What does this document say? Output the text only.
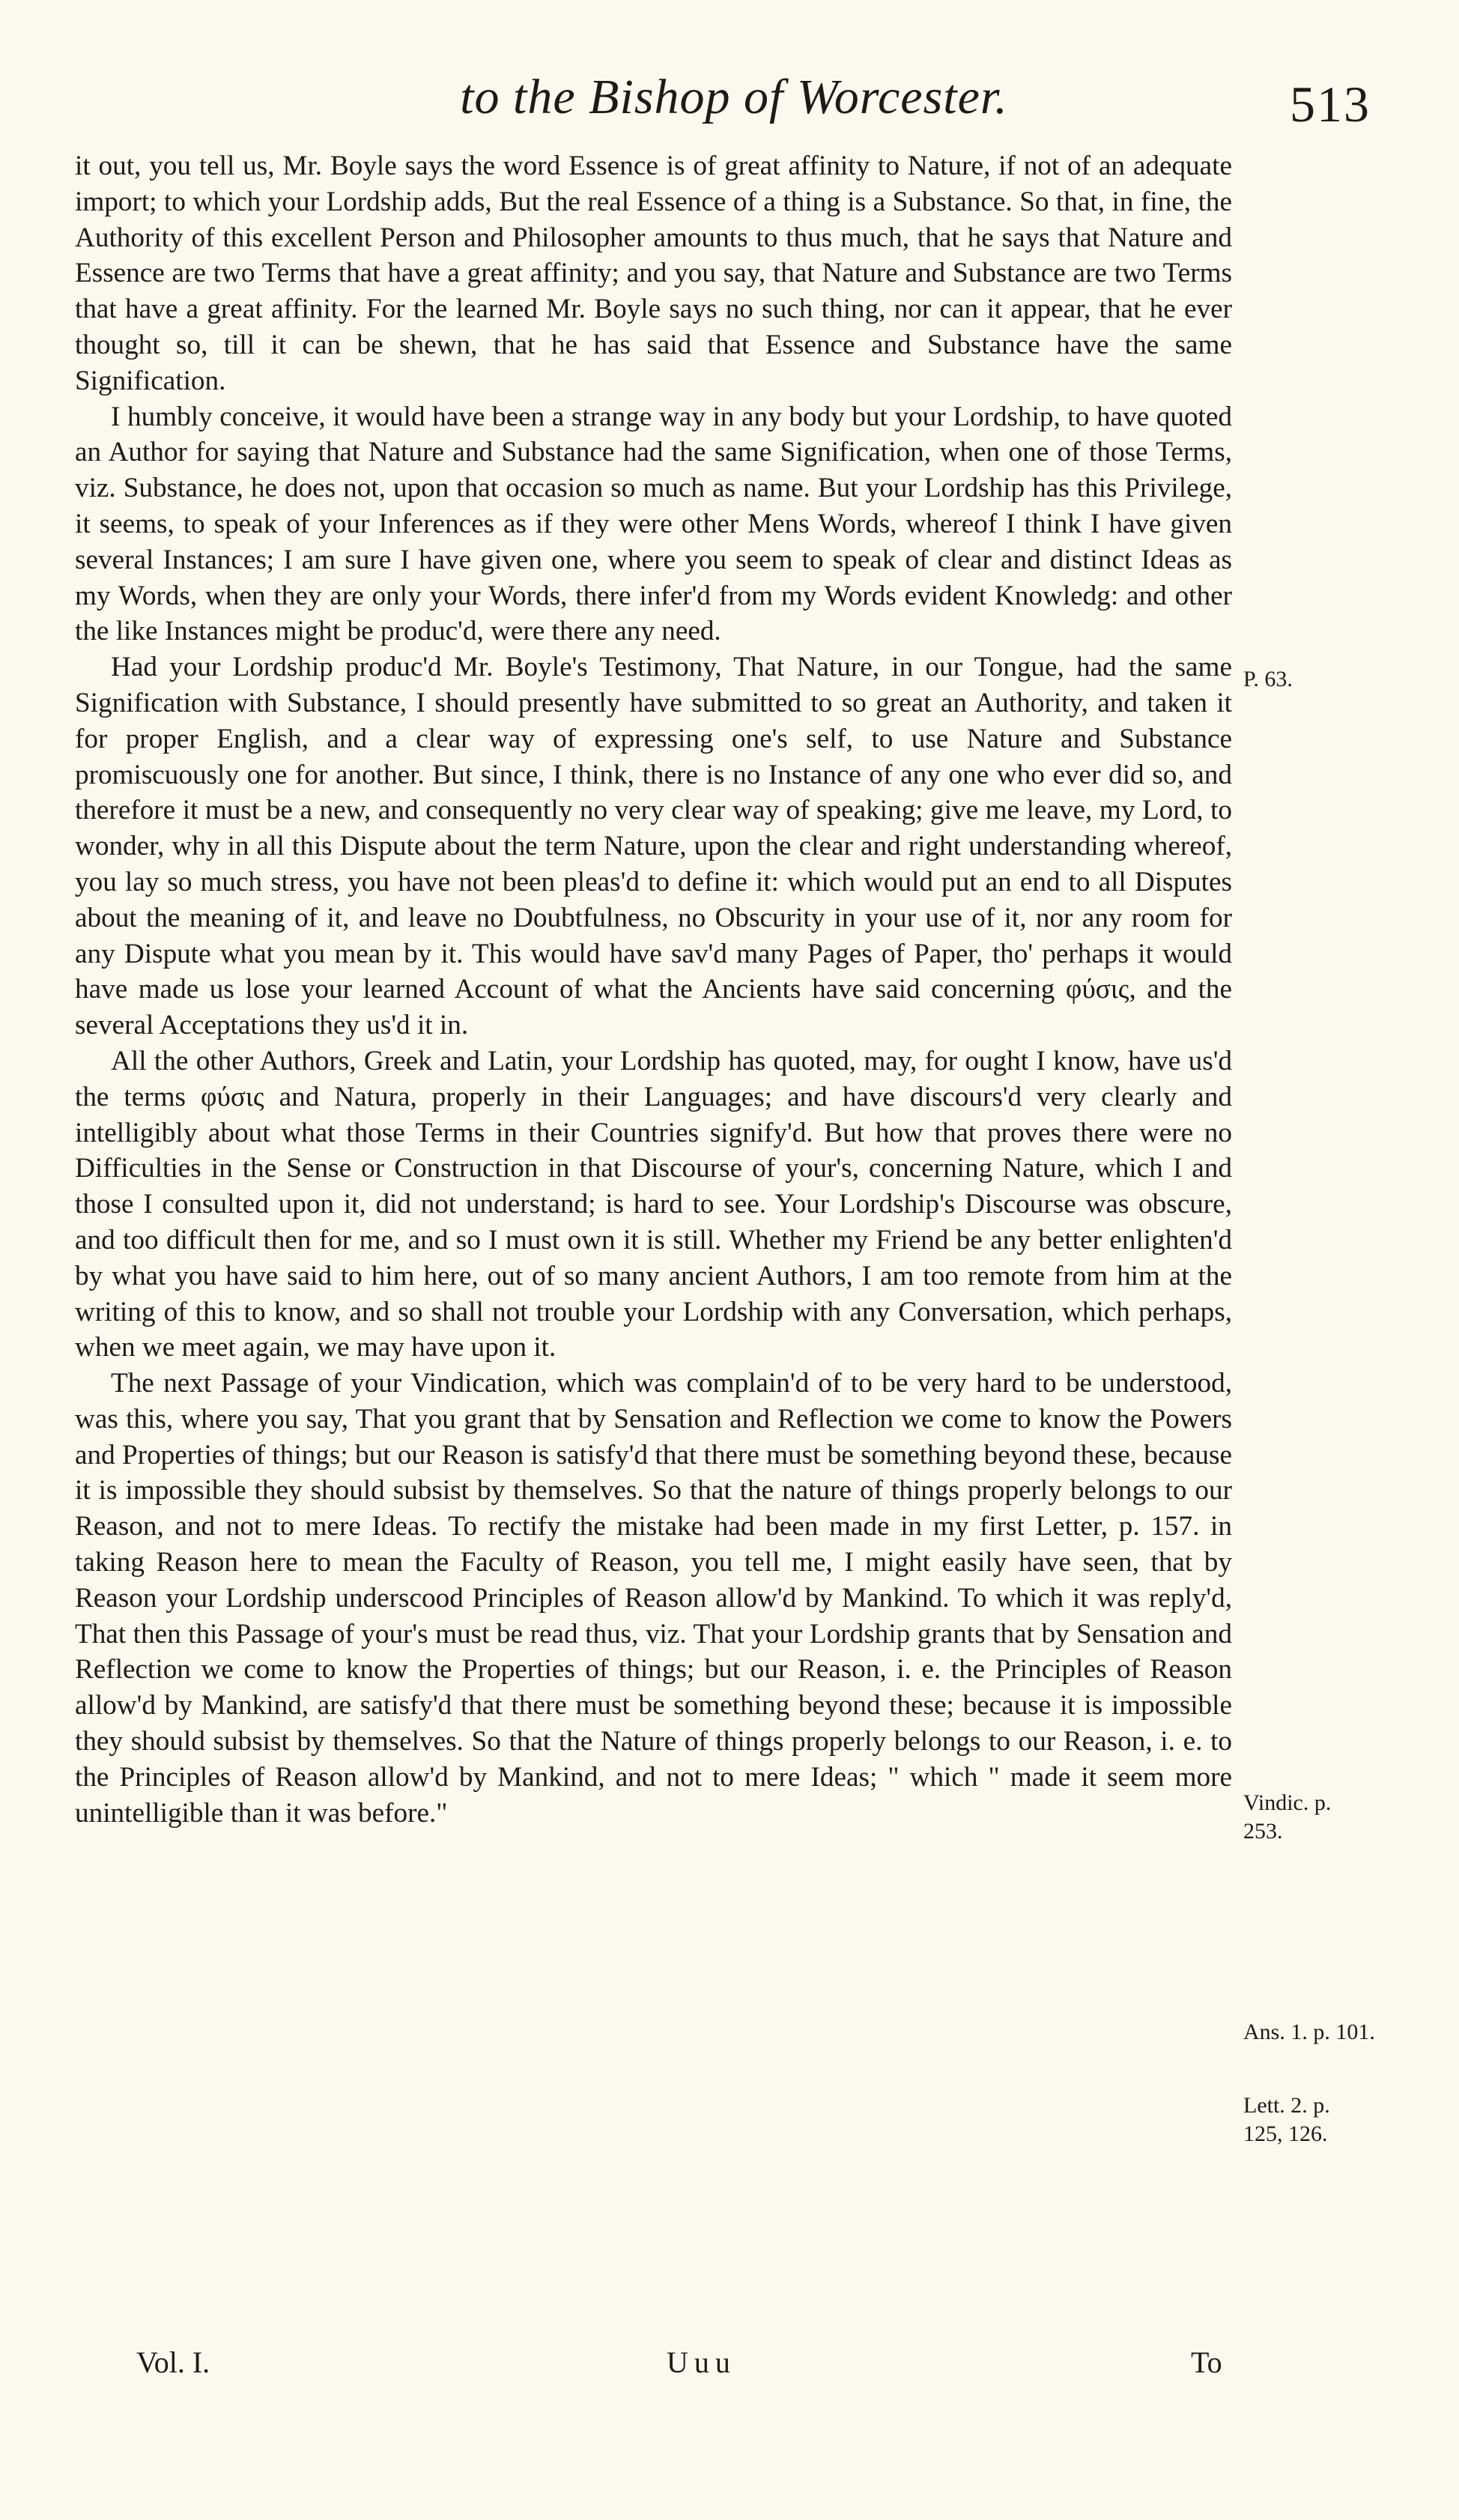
to the Bishop of Worcester.	513

it out, you tell us, Mr. Boyle says the word Essence is of great affinity to Nature, if not of an adequate import; to which your Lordship adds, But the real Essence of a thing is a Substance. So that, in fine, the Authority of this excellent Person and Philosopher amounts to thus much, that he says that Nature and Essence are two Terms that have a great affinity; and you say, that Nature and Substance are two Terms that have a great affinity. For the learned Mr. Boyle says no such thing, nor can it appear, that he ever thought so, till it can be shewn, that he has said that Essence and Substance have the same Signification.

I humbly conceive, it would have been a strange way in any body but your Lordship, to have quoted an Author for saying that Nature and Substance had the same Signification, when one of those Terms, viz. Substance, he does not, upon that occasion so much as name. But your Lordship has this Privilege, it seems, to speak of your Inferences as if they were other Mens Words, whereof I think I have given several Instances; I am sure I have given one, where you seem to speak of clear and distinct Ideas as my Words, when they are only your Words, there infer'd from my Words evident Knowledg: and other the like Instances might be produc'd, were there any need.

Had your Lordship produc'd Mr. Boyle's Testimony, That Nature, in our Tongue, had the same Signification with Substance, I should presently have submitted to so great an Authority, and taken it for proper English, and a clear way of expressing one's self, to use Nature and Substance promiscuously one for another. But since, I think, there is no Instance of any one who ever did so, and therefore it must be a new, and consequently no very clear way of speaking; give me leave, my Lord, to wonder, why in all this Dispute about the term Nature, upon the clear and right understanding whereof, you lay so much stress, you have not been pleas'd to define it: which would put an end to all Disputes about the meaning of it, and leave no Doubtfulness, no Obscurity in your use of it, nor any room for any Dispute what you mean by it. This would have sav'd many Pages of Paper, tho' perhaps it would have made us lose your learned Account of what the Ancients have said concerning φύσις, and the several Acceptations they us'd it in.

All the other Authors, Greek and Latin, your Lordship has quoted, may, for ought I know, have us'd the terms φύσις and Natura, properly in their Languages; and have discours'd very clearly and intelligibly about what those Terms in their Countries signify'd. But how that proves there were no Difficulties in the Sense or Construction in that Discourse of your's, concerning Nature, which I and those I consulted upon it, did not understand; is hard to see. Your Lordship's Discourse was obscure, and too difficult then for me, and so I must own it is still. Whether my Friend be any better enlighten'd by what you have said to him here, out of so many ancient Authors, I am too remote from him at the writing of this to know, and so shall not trouble your Lordship with any Conversation, which perhaps, when we meet again, we may have upon it.

The next Passage of your Vindication, which was complain'd of to be very hard to be understood, was this, where you say, That you grant that by Sensation and Reflection we come to know the Powers and Properties of things; but our Reason is satisfy'd that there must be something beyond these, because it is impossible they should subsist by themselves. So that the nature of things properly belongs to our Reason, and not to mere Ideas. To rectify the mistake had been made in my first Letter, p. 157. in taking Reason here to mean the Faculty of Reason, you tell me, I might easily have seen, that by Reason your Lordship underscood Principles of Reason allow'd by Mankind. To which it was reply'd, That then this Passage of your's must be read thus, viz. That your Lordship grants that by Sensation and Reflection we come to know the Properties of things; but our Reason, i. e. the Principles of Reason allow'd by Mankind, are satisfy'd that there must be something beyond these; because it is impossible they should subsist by themselves. So that the Nature of things properly belongs to our Reason, i. e. to the Principles of Reason allow'd by Mankind, and not to mere Ideas; " which " made it seem more unintelligible than it was before."

P. 63.
Vindic. p.
253.
Ans. 1. p. 101.
Lett. 2. p.
125, 126.
Vol. I.	Uuu	To
